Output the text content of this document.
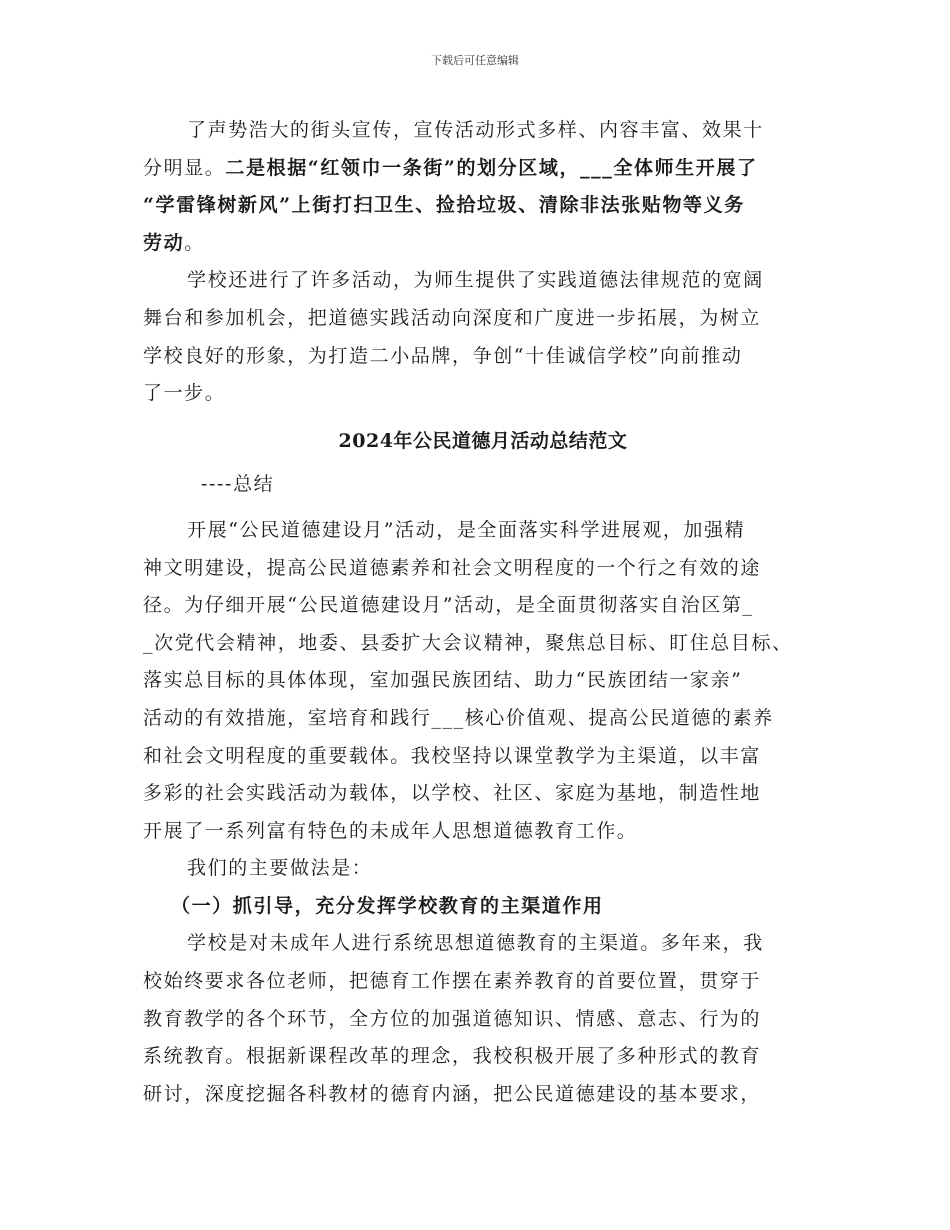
下载后可任意编辑
了声势浩大的街头宣传，宣传活动形式多样、内容丰富、效果十
分明显。二是根据“红领巾一条街”的划分区域，___全体师生开展了
“学雷锋树新风”上街打扫卫生、捡拾垃圾、清除非法张贴物等义务
劳动。
学校还进行了许多活动，为师生提供了实践道德法律规范的宽阔
舞台和参加机会，把道德实践活动向深度和广度进一步拓展，为树立
学校良好的形象，为打造二小品牌，争创“十佳诚信学校”向前推动
了一步。
2024年公民道德月活动总结范文
----总结
开展“公民道德建设月”活动，是全面落实科学进展观，加强精
神文明建设，提高公民道德素养和社会文明程度的一个行之有效的途
径。为仔细开展“公民道德建设月”活动，是全面贯彻落实自治区第_
_次党代会精神，地委、县委扩大会议精神，聚焦总目标、盯住总目标、
落实总目标的具体体现，室加强民族团结、助力“民族团结一家亲”
活动的有效措施，室培育和践行___核心价值观、提高公民道德的素养
和社会文明程度的重要载体。我校坚持以课堂教学为主渠道，以丰富
多彩的社会实践活动为载体，以学校、社区、家庭为基地，制造性地
开展了一系列富有特色的未成年人思想道德教育工作。
我们的主要做法是：
（一）抓引导，充分发挥学校教育的主渠道作用
学校是对未成年人进行系统思想道德教育的主渠道。多年来，我
校始终要求各位老师，把德育工作摆在素养教育的首要位置，贯穿于
教育教学的各个环节，全方位的加强道德知识、情感、意志、行为的
系统教育。根据新课程改革的理念，我校积极开展了多种形式的教育
研讨，深度挖掘各科教材的德育内涵，把公民道德建设的基本要求，
